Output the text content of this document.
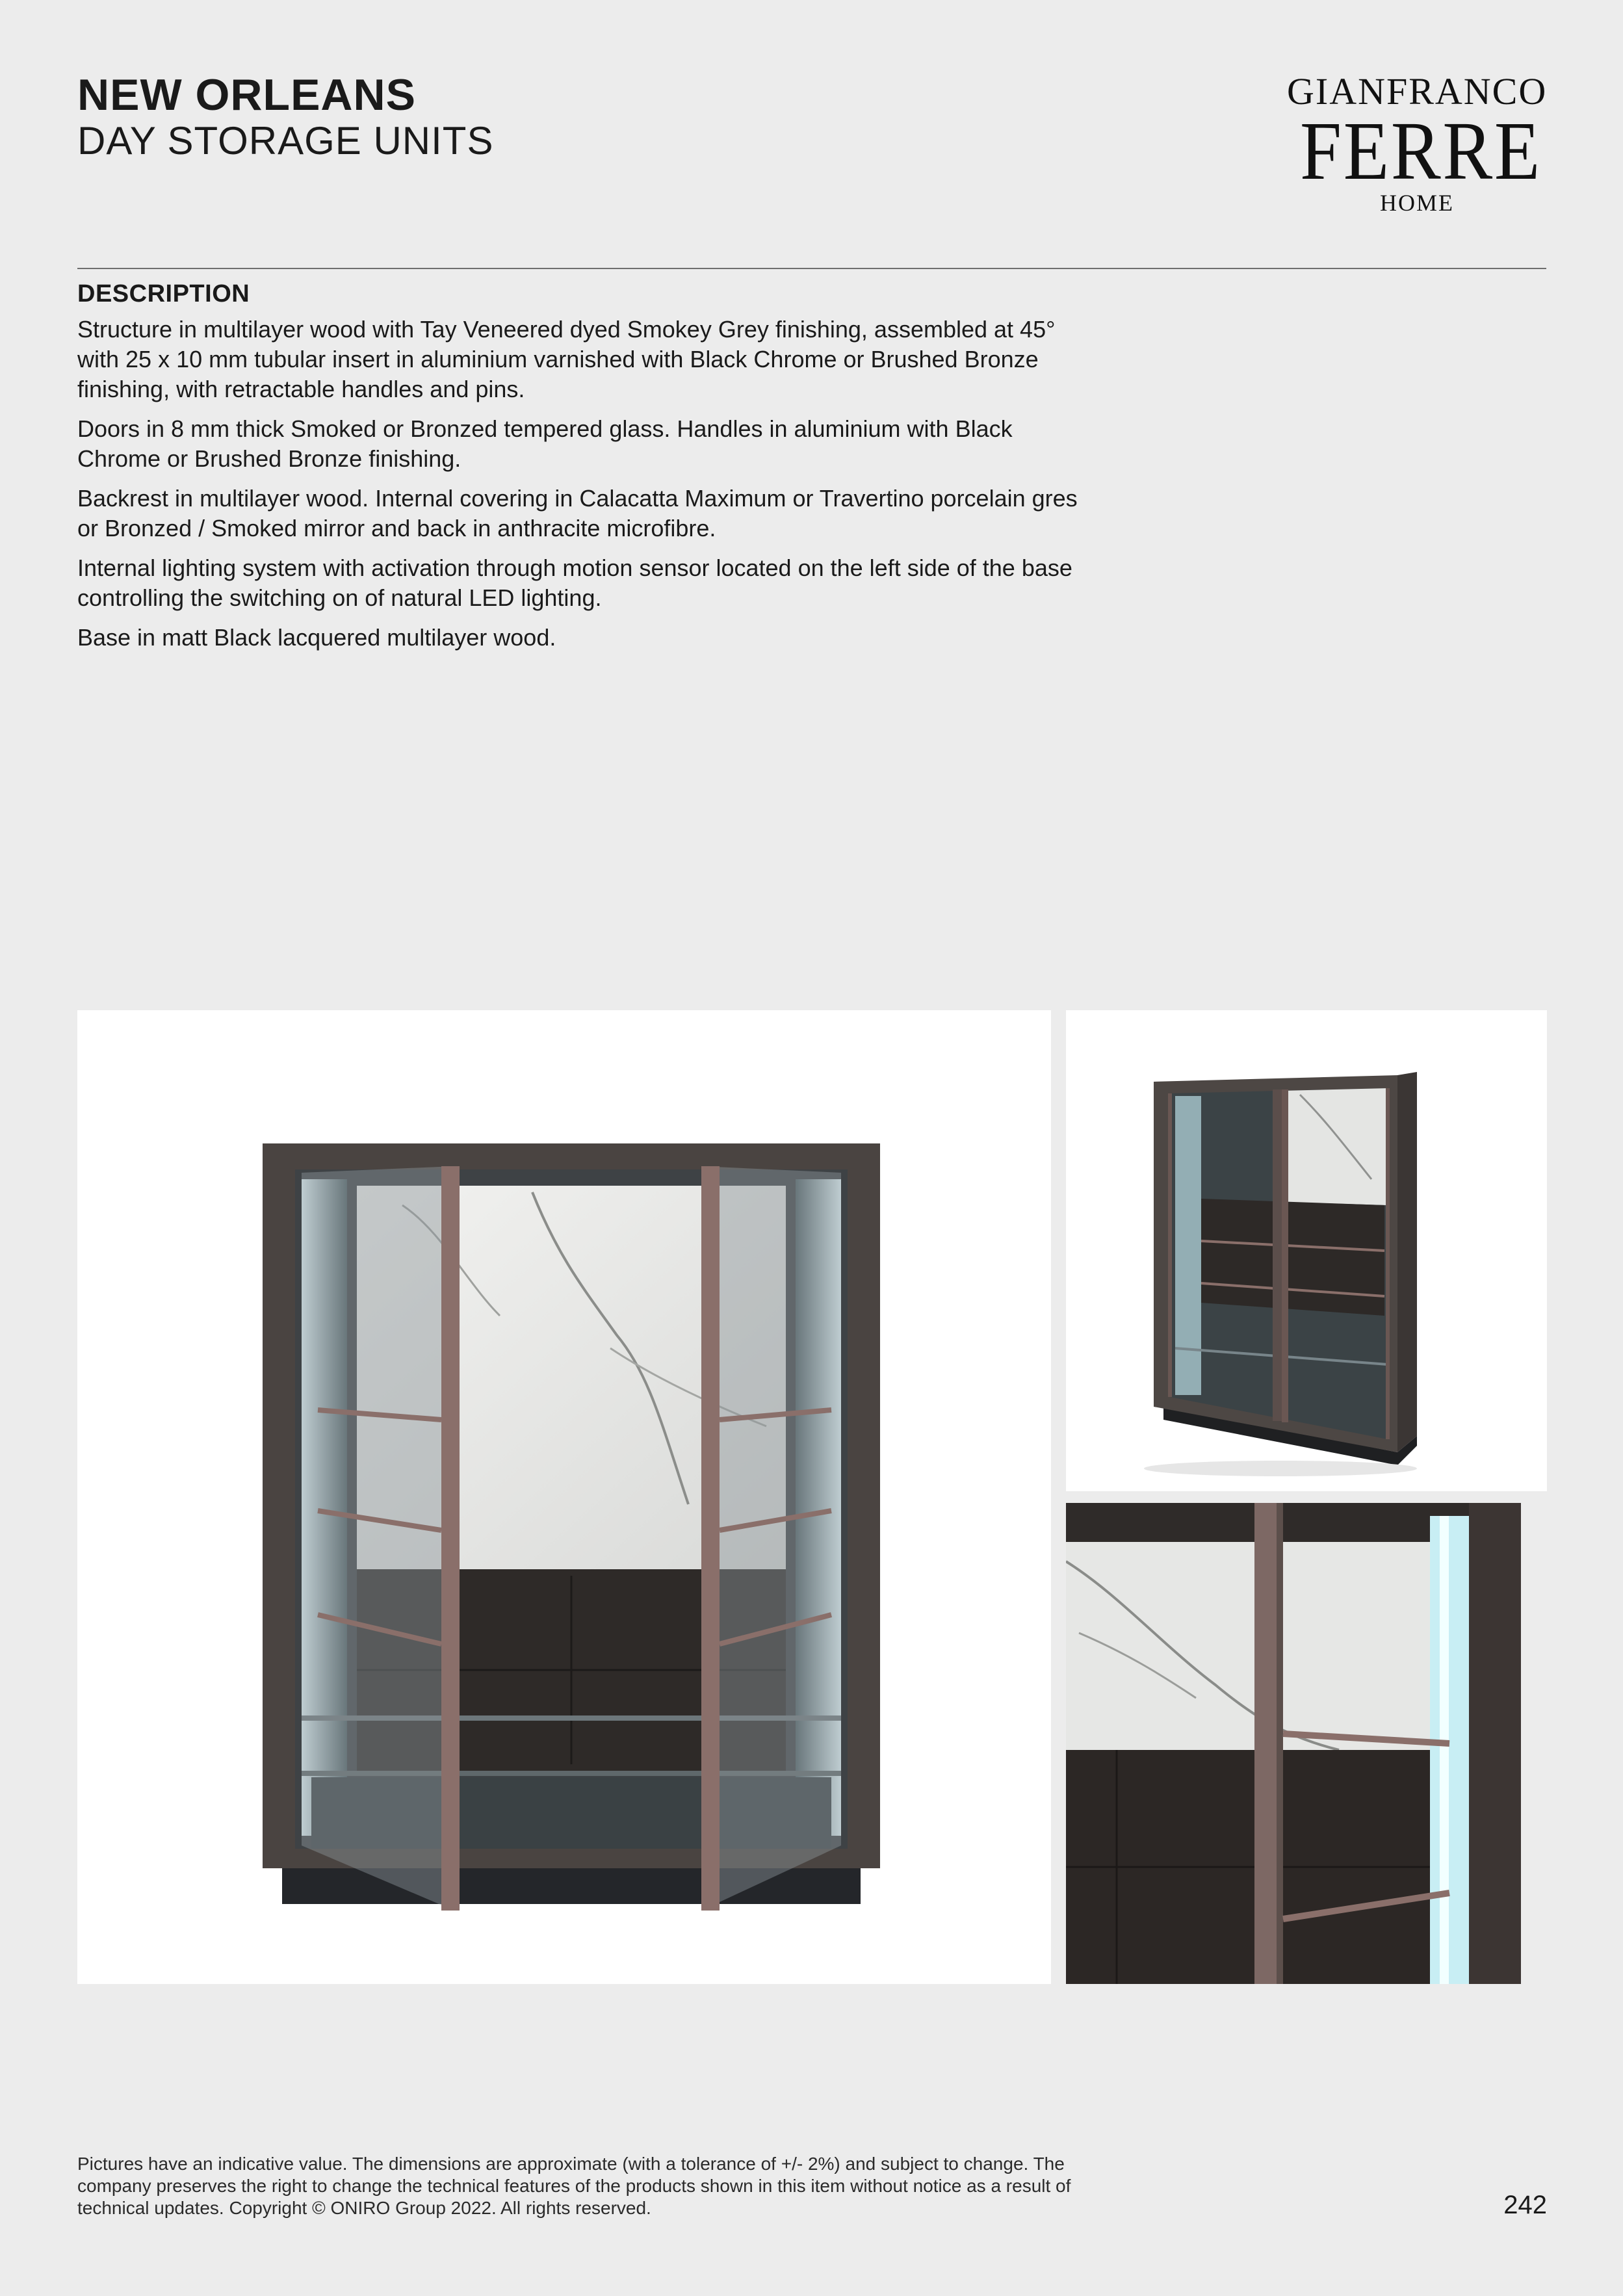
NEW ORLEANS
DAY STORAGE UNITS
GIANFRANCO
FERRE
HOME
DESCRIPTION

Structure in multilayer wood with Tay Veneered dyed Smokey Grey finishing, assembled at 45° with 25 x 10 mm tubular insert in aluminium varnished with Black Chrome or Brushed Bronze finishing, with retractable handles and pins.

Doors in 8 mm thick Smoked or Bronzed tempered glass. Handles in aluminium with Black Chrome or Brushed Bronze finishing.

Backrest in multilayer wood. Internal covering in Calacatta Maximum or Travertino porcelain gres or Bronzed / Smoked mirror and back in anthracite microfibre.

Internal lighting system with activation through motion sensor located on the left side of the base controlling the switching on of natural LED lighting.

Base in matt Black lacquered multilayer wood.

Pictures have an indicative value. The dimensions are approximate (with a tolerance of +/- 2%) and subject to change. The company preserves the right to change the technical features of the products shown in this item without notice as a result of technical updates. Copyright © ONIRO Group 2022. All rights reserved.	242
